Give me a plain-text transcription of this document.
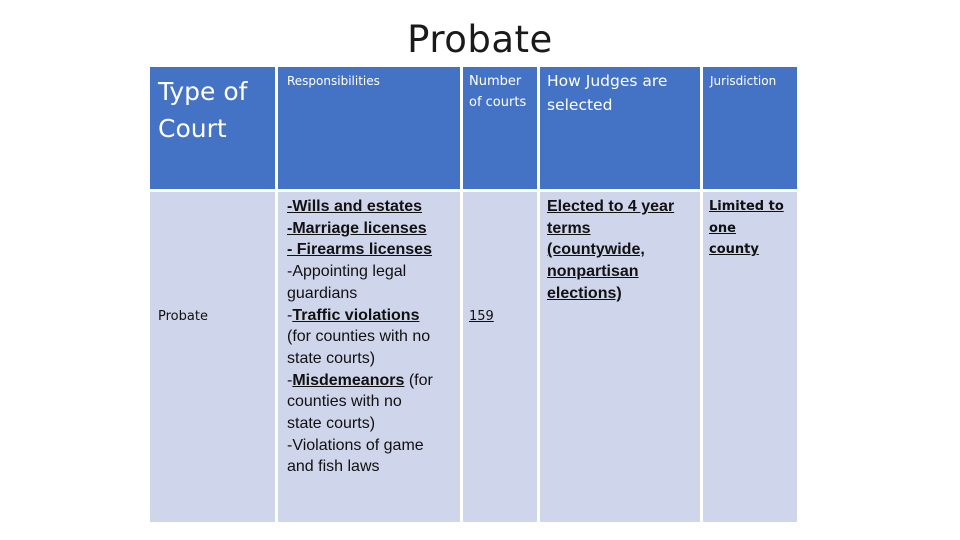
Probate
Type of Court
Responsibilities	Number of courts
How Judges are selected
Jurisdiction
Probate
-Wills and estates
-Marriage licenses
- Firearms licenses
-Appointing legal
guardians
-Traffic violations
(for counties with no
state courts)
-Misdemeanors (for
counties with no
state courts)
-Violations of game
and fish laws
159
Elected to 4 year
terms
(countywide,
nonpartisan
elections)
Limited to
one
county
